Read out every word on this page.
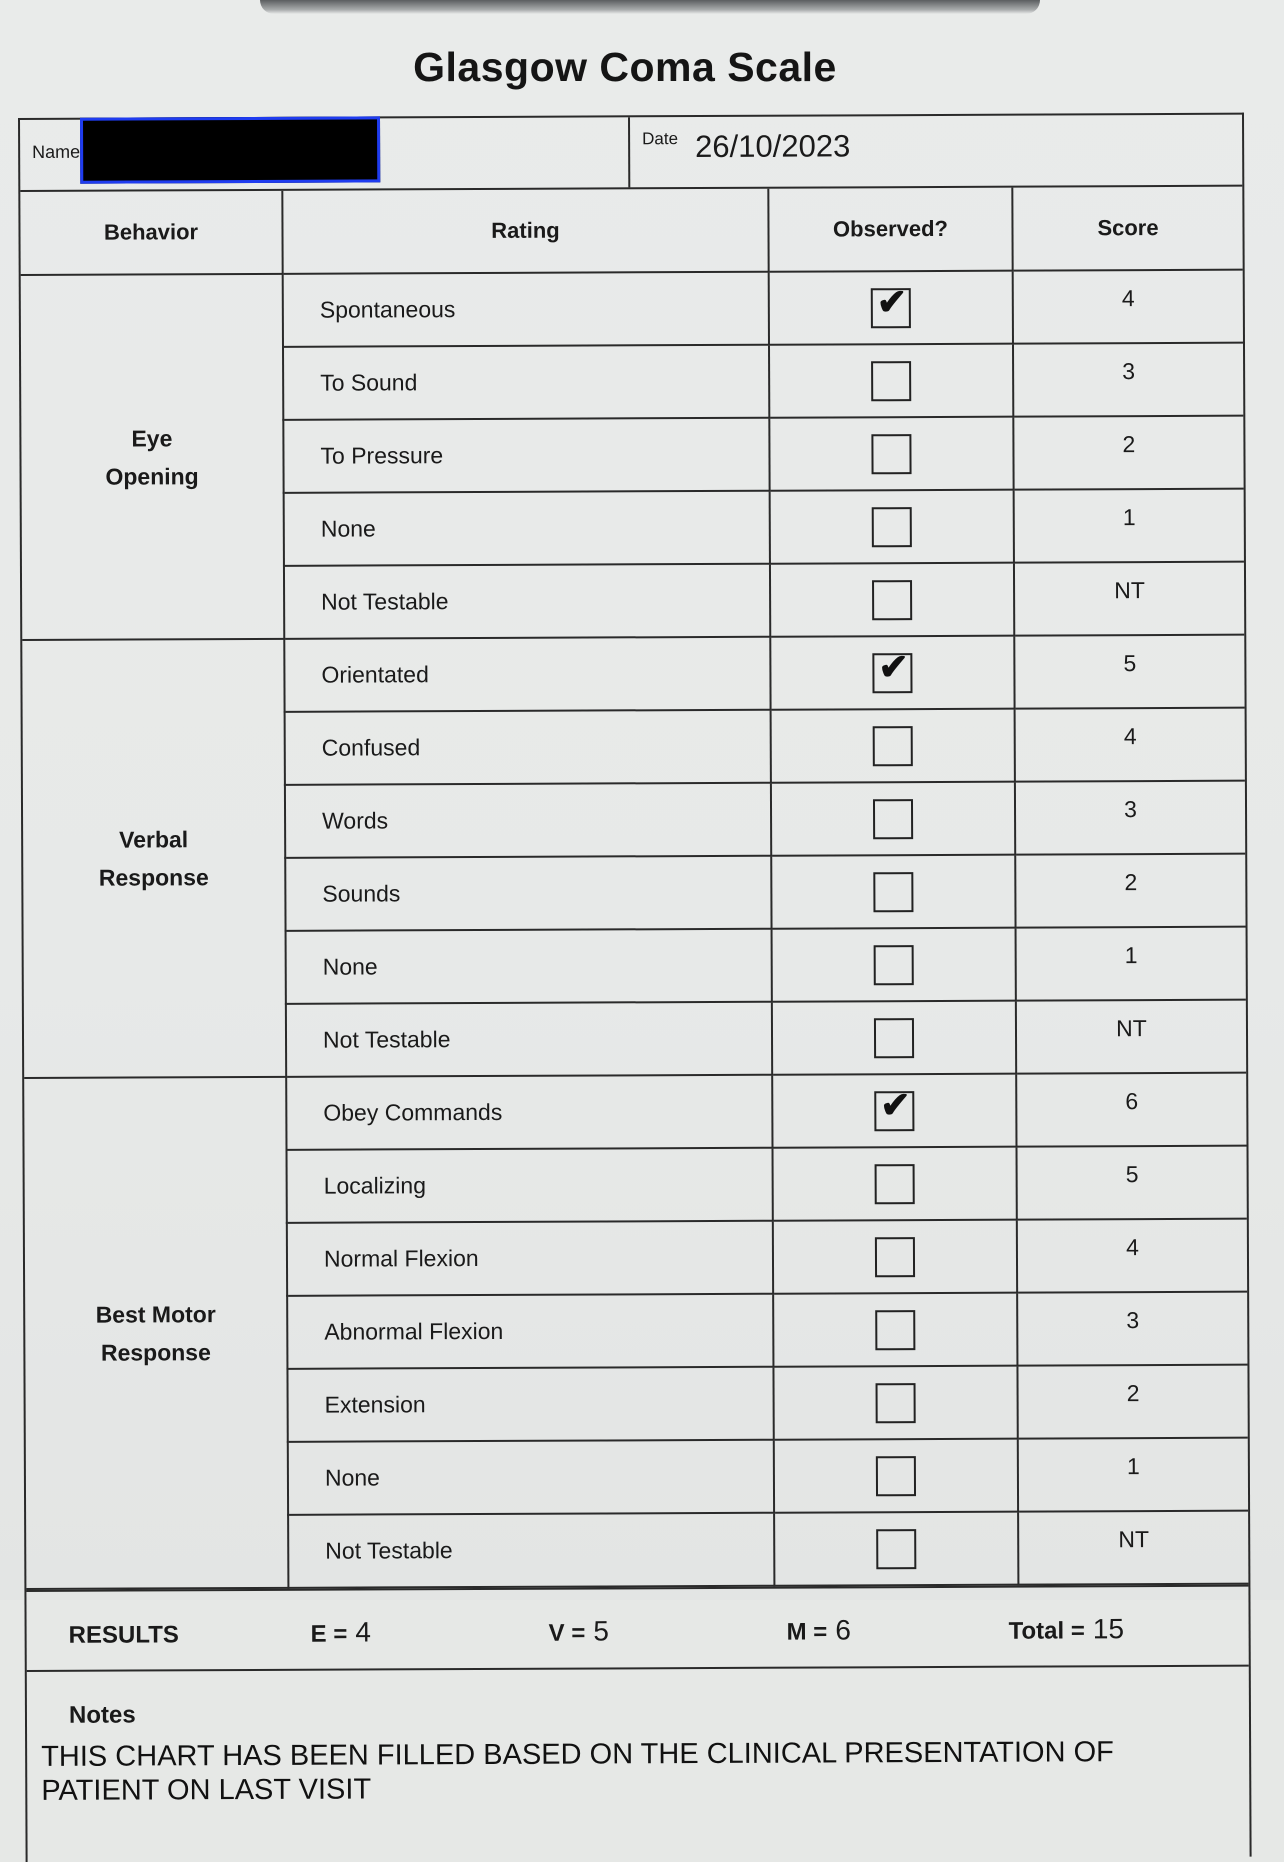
Glasgow Coma Scale
Name
Date 26/10/2023
Behavior	Rating	Observed?	Score
Eye
Opening	Spontaneous	✔	4
	To Sound		3
	To Pressure		2
	None		1
	Not Testable		NT
Verbal
Response	Orientated	✔	5
	Confused		4
	Words		3
	Sounds		2
	None		1
	Not Testable		NT
Best Motor
Response	Obey Commands	✔	6
	Localizing		5
	Normal Flexion		4
	Abnormal Flexion		3
	Extension		2
	None		1
	Not Testable		NT
RESULTS	E = 4	V = 5	M = 6	Total = 15
Notes
THIS CHART HAS BEEN FILLED BASED ON THE CLINICAL PRESENTATION OF PATIENT ON LAST VISIT
